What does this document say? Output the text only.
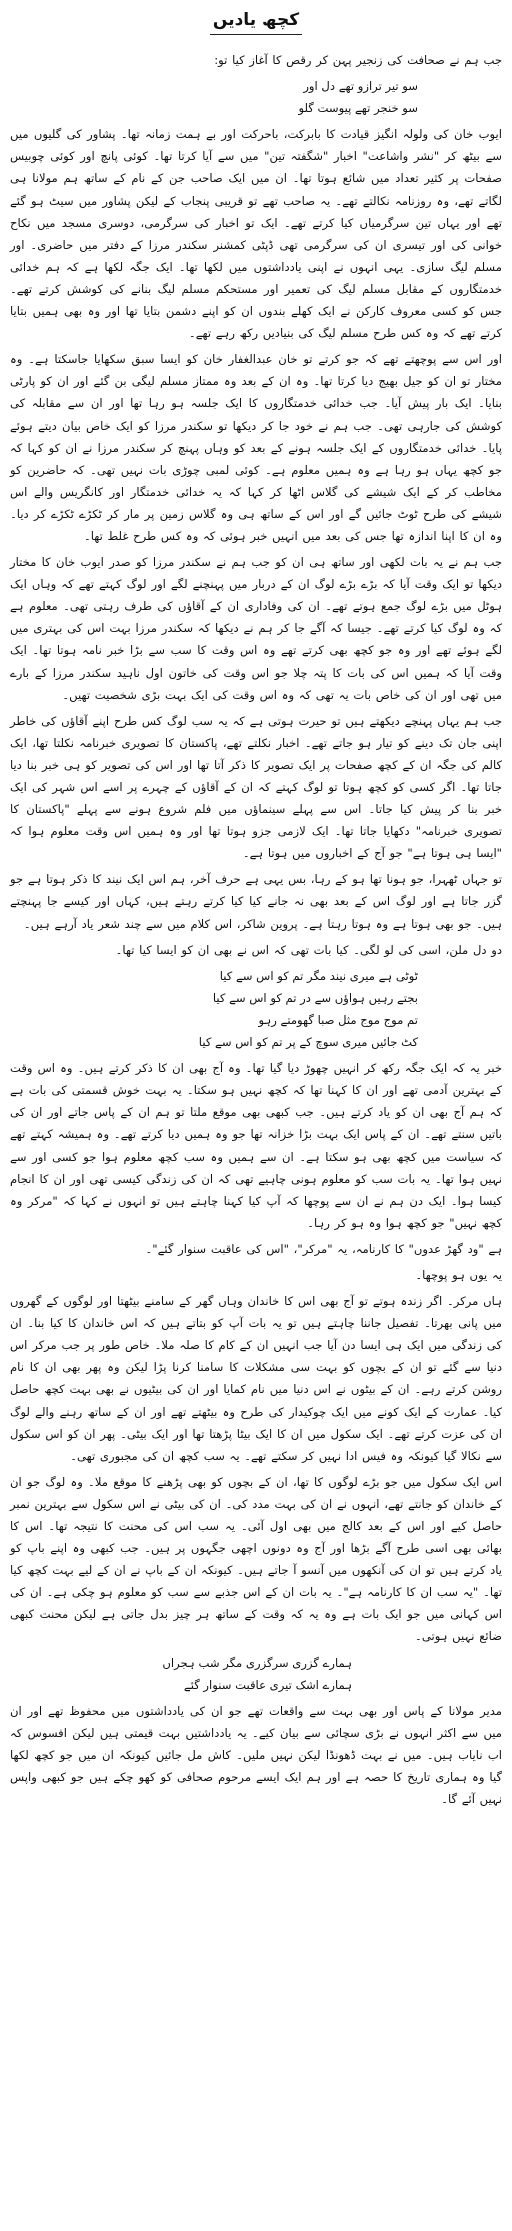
کچھ یادیں

جب ہم نے صحافت کی زنجیر پہن کر رقص کا آغاز کیا تو:

سو تیر ترازو تھے دل اور
سو خنجر تھے پیوست گلو

ایوب خان کی ولولہ انگیز قیادت کا بابرکت، باحرکت اور بے ہمت زمانہ تھا۔ پشاور کی گلیوں میں سے بیٹھ کر "نشر واشاعت" اخبار "شگفتہ تین" میں سے آیا کرتا تھا۔ کوئی پانچ اور کوئی چوبیس صفحات پر کثیر تعداد میں شائع ہوتا تھا۔ ان میں ایک صاحب جن کے نام کے ساتھ ہم مولانا ہی لگاتے تھے، وہ روزنامہ نکالتے تھے۔ یہ صاحب تھے تو قریبی پنجاب کے لیکن پشاور میں سیٹ ہو گئے تھے اور یہاں تین سرگرمیاں کیا کرتے تھے۔ ایک تو اخبار کی سرگرمی، دوسری مسجد میں نکاح خوانی کی اور تیسری ان کی سرگرمی تھی ڈپٹی کمشنر سکندر مرزا کے دفتر میں حاضری۔ اور مسلم لیگ سازی۔ یہی انہوں نے اپنی یادداشتوں میں لکھا تھا۔ ایک جگہ لکھا ہے کہ ہم خدائی خدمتگاروں کے مقابل مسلم لیگ کی تعمیر اور مستحکم مسلم لیگ بنانے کی کوشش کرتے تھے۔ جس کو کسی معروف کارکن نے ایک کھلے بندوں ان کو اپنے دشمن بتایا تھا اور وہ بھی ہمیں بتایا کرتے تھے کہ وہ کس طرح مسلم لیگ کی بنیادیں رکھ رہے تھے۔

اور اس سے پوچھتے تھے کہ جو کرتے تو خان عبدالغفار خان کو ایسا سبق سکھایا جاسکتا ہے۔ وہ مختار تو ان کو جیل بھیج دیا کرتا تھا۔ وہ ان کے بعد وہ ممتاز مسلم لیگی بن گئے اور ان کو پارٹی بنایا۔ ایک بار پیش آیا۔ جب خدائی خدمتگاروں کا ایک جلسہ ہو رہا تھا اور ان سے مقابلہ کی کوشش کی جارہی تھی۔ جب ہم نے خود جا کر دیکھا تو سکندر مرزا کو ایک خاص بیان دیتے ہوئے پایا۔ خدائی خدمتگاروں کے ایک جلسہ ہونے کے بعد کو وہاں پہنچ کر سکندر مرزا نے ان کو کہا کہ جو کچھ یہاں ہو رہا ہے وہ ہمیں معلوم ہے۔ کوئی لمبی چوڑی بات نہیں تھی۔ کہ حاضرین کو مخاطب کر کے ایک شیشے کی گلاس اٹھا کر کہا کہ یہ خدائی خدمتگار اور کانگریس والے اس شیشے کی طرح ٹوٹ جائیں گے اور اس کے ساتھ ہی وہ گلاس زمین پر مار کر ٹکڑے ٹکڑے کر دیا۔ وہ ان کا اپنا اندازہ تھا جس کی بعد میں انہیں خبر ہوئی کہ وہ کس طرح غلط تھا۔

جب ہم نے یہ بات لکھی اور ساتھ ہی ان کو جب ہم نے سکندر مرزا کو صدر ایوب خان کا مختار دیکھا تو ایک وقت آیا کہ بڑے بڑے لوگ ان کے دربار میں پہنچنے لگے اور لوگ کہتے تھے کہ وہاں ایک ہوٹل میں بڑے لوگ جمع ہوتے تھے۔ ان کی وفاداری ان کے آقاؤں کی طرف رہتی تھی۔ معلوم ہے کہ وہ لوگ کیا کرتے تھے۔ جیسا کہ آگے جا کر ہم نے دیکھا کہ سکندر مرزا بہت اس کی بہتری میں لگے ہوئے تھے اور وہ جو کچھ بھی کرتے تھے وہ اس وقت کا سب سے بڑا خبر نامہ ہوتا تھا۔ ایک وقت آیا کہ ہمیں اس کی بات کا پتہ چلا جو اس وقت کی خاتون اول ناہید سکندر مرزا کے بارے میں تھی اور ان کی خاص بات یہ تھی کہ وہ اس وقت کی ایک بہت بڑی شخصیت تھیں۔

جب ہم یہاں پہنچے دیکھتے ہیں تو حیرت ہوتی ہے کہ یہ سب لوگ کس طرح اپنے آقاؤں کی خاطر اپنی جان تک دینے کو تیار ہو جاتے تھے۔ اخبار نکلتے تھے، پاکستان کا تصویری خبرنامہ نکلتا تھا، ایک کالم کی جگہ ان کے کچھ صفحات پر ایک تصویر کا ذکر آتا تھا اور اس کی تصویر کو ہی خبر بنا دیا جاتا تھا۔ اگر کسی کو کچھ ہوتا تو لوگ کہتے کہ ان کے آقاؤں کے چہرے پر اسے اس شہر کی ایک خبر بنا کر پیش کیا جاتا۔ اس سے پہلے سینماؤں میں فلم شروع ہونے سے پہلے "پاکستان کا تصویری خبرنامہ" دکھایا جاتا تھا۔ ایک لازمی جزو ہوتا تھا اور وہ ہمیں اس وقت معلوم ہوا کہ "ایسا ہی ہوتا ہے" جو آج کے اخباروں میں ہوتا ہے۔

تو جہاں ٹھہرا، جو ہونا تھا ہو کے رہا، بس یہی ہے حرف آخر، ہم اس ایک نیند کا ذکر ہوتا ہے جو گزر جاتا ہے اور لوگ اس کے بعد بھی نہ جانے کیا کیا کرتے رہتے ہیں، کہاں اور کیسے جا پہنچتے ہیں۔ جو بھی ہوتا ہے وہ ہوتا رہتا ہے۔ پروین شاکر، اس کلام میں سے چند شعر یاد آرہے ہیں۔

دو دل ملن، اسی کی لو لگی۔ کیا بات تھی کہ اس نے بھی ان کو ایسا کیا تھا۔

ٹوٹی ہے میری نیند مگر تم کو اس سے کیا
بجتے رہیں ہواؤں سے در تم کو اس سے کیا
تم موج موج مثل صبا گھومتے رہو
کٹ جائیں میری سوچ کے پر تم کو اس سے کیا

خبر یہ کہ ایک جگہ رکھ کر انہیں چھوڑ دیا گیا تھا۔ وہ آج بھی ان کا ذکر کرتے ہیں۔ وہ اس وقت کے بہترین آدمی تھے اور ان کا کہنا تھا کہ کچھ نہیں ہو سکتا۔ یہ بہت خوش قسمتی کی بات ہے کہ ہم آج بھی ان کو یاد کرتے ہیں۔ جب کبھی بھی موقع ملتا تو ہم ان کے پاس جاتے اور ان کی باتیں سنتے تھے۔ ان کے پاس ایک بہت بڑا خزانہ تھا جو وہ ہمیں دیا کرتے تھے۔ وہ ہمیشہ کہتے تھے کہ سیاست میں کچھ بھی ہو سکتا ہے۔ ان سے ہمیں وہ سب کچھ معلوم ہوا جو کسی اور سے نہیں ہوا تھا۔ یہ بات سب کو معلوم ہونی چاہیے تھی کہ ان کی زندگی کیسی تھی اور ان کا انجام کیسا ہوا۔ ایک دن ہم نے ان سے پوچھا کہ آپ کیا کہنا چاہتے ہیں تو انہوں نے کہا کہ "مرکر وہ کچھ نہیں" جو کچھ ہوا وہ ہو کر رہا۔

ہے "ود گھڑ عدوں" کا کارنامہ، یہ "مرکر"، "اس کی عاقبت سنوار گئے"۔

یہ یوں ہو پوچھا۔

ہاں مرکر۔ اگر زندہ ہوتے تو آج بھی اس کا خاندان وہاں گھر کے سامنے بیٹھتا اور لوگوں کے گھروں میں پانی بھرتا۔ تفصیل جاننا چاہتے ہیں تو یہ بات آپ کو بتاتے ہیں کہ اس خاندان کا کیا بنا۔ ان کی زندگی میں ایک ہی ایسا دن آیا جب انہیں ان کے کام کا صلہ ملا۔ خاص طور پر جب مرکر اس دنیا سے گئے تو ان کے بچوں کو بہت سی مشکلات کا سامنا کرنا پڑا لیکن وہ پھر بھی ان کا نام روشن کرتے رہے۔ ان کے بیٹوں نے اس دنیا میں نام کمایا اور ان کی بیٹیوں نے بھی بہت کچھ حاصل کیا۔ عمارت کے ایک کونے میں ایک چوکیدار کی طرح وہ بیٹھتے تھے اور ان کے ساتھ رہنے والے لوگ ان کی عزت کرتے تھے۔ ایک سکول میں ان کا ایک بیٹا پڑھتا تھا اور ایک بیٹی۔ پھر ان کو اس سکول سے نکالا گیا کیونکہ وہ فیس ادا نہیں کر سکتے تھے۔ یہ سب کچھ ان کی مجبوری تھی۔

اس ایک سکول میں جو بڑے لوگوں کا تھا، ان کے بچوں کو بھی پڑھنے کا موقع ملا۔ وہ لوگ جو ان کے خاندان کو جانتے تھے، انہوں نے ان کی بہت مدد کی۔ ان کی بیٹی نے اس سکول سے بہترین نمبر حاصل کیے اور اس کے بعد کالج میں بھی اول آئی۔ یہ سب اس کی محنت کا نتیجہ تھا۔ اس کا بھائی بھی اسی طرح آگے بڑھا اور آج وہ دونوں اچھی جگہوں پر ہیں۔ جب کبھی وہ اپنے باپ کو یاد کرتے ہیں تو ان کی آنکھوں میں آنسو آ جاتے ہیں۔ کیونکہ ان کے باپ نے ان کے لیے بہت کچھ کیا تھا۔ "یہ سب ان کا کارنامہ ہے"۔ یہ بات ان کے اس جذبے سے سب کو معلوم ہو چکی ہے۔ ان کی اس کہانی میں جو ایک بات ہے وہ یہ کہ وقت کے ساتھ ہر چیز بدل جاتی ہے لیکن محنت کبھی ضائع نہیں ہوتی۔

ہمارے گزری سرگزری مگر شب ہجراں
ہمارے اشک تیری عاقبت سنوار گئے

مدیر مولانا کے پاس اور بھی بہت سے واقعات تھے جو ان کی یادداشتوں میں محفوظ تھے اور ان میں سے اکثر انہوں نے بڑی سچائی سے بیان کیے۔ یہ یادداشتیں بہت قیمتی ہیں لیکن افسوس کہ اب نایاب ہیں۔ میں نے بہت ڈھونڈا لیکن نہیں ملیں۔ کاش مل جائیں کیونکہ ان میں جو کچھ لکھا گیا وہ ہماری تاریخ کا حصہ ہے اور ہم ایک ایسے مرحوم صحافی کو کھو چکے ہیں جو کبھی واپس نہیں آئے گا۔
